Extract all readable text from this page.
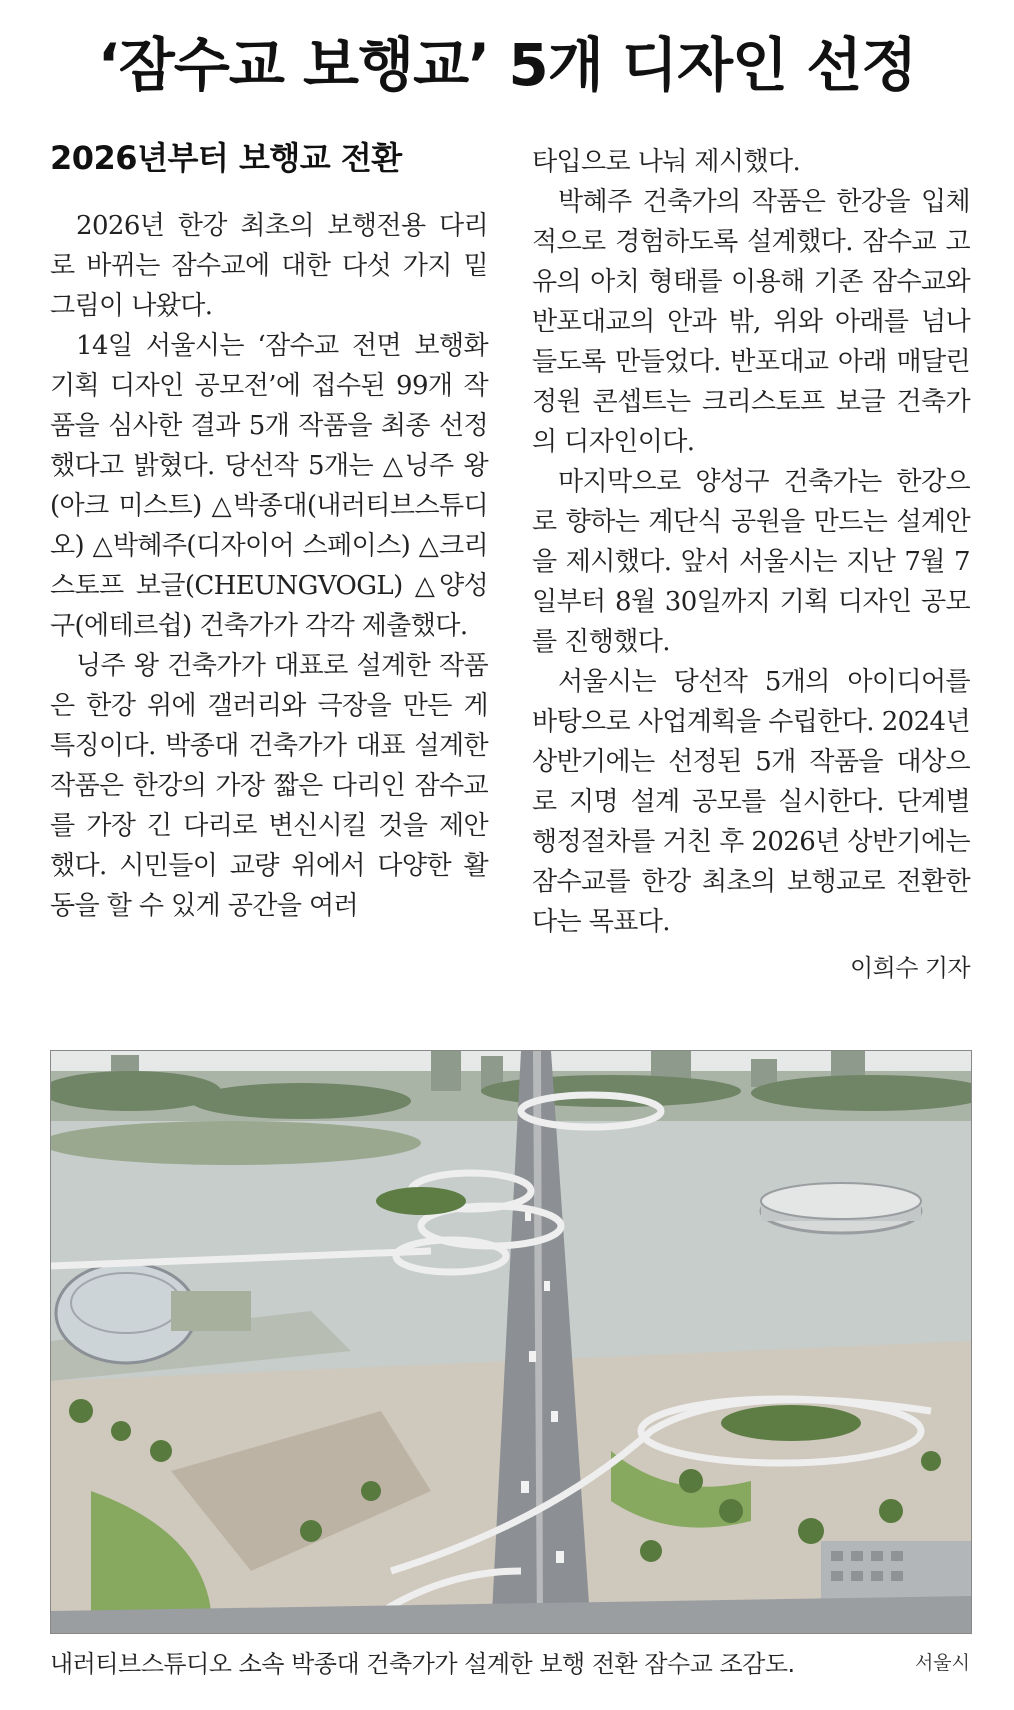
‘잠수교 보행교’ 5개 디자인 선정
2026년부터 보행교 전환

2026년 한강 최초의 보행전용 다리로 바뀌는 잠수교에 대한 다섯 가지 밑그림이 나왔다.

14일 서울시는 ‘잠수교 전면 보행화 기획 디자인 공모전’에 접수된 99개 작품을 심사한 결과 5개 작품을 최종 선정했다고 밝혔다. 당선작 5개는 △닝주 왕(아크 미스트) △박종대(내러티브스튜디오) △박혜주(디자이어 스페이스) △크리스토프 보글(CHEUNGVOGL) △양성구(에테르쉽) 건축가가 각각 제출했다.

닝주 왕 건축가가 대표로 설계한 작품은 한강 위에 갤러리와 극장을 만든 게 특징이다. 박종대 건축가가 대표 설계한 작품은 한강의 가장 짧은 다리인 잠수교를 가장 긴 다리로 변신시킬 것을 제안했다. 시민들이 교량 위에서 다양한 활동을 할 수 있게 공간을 여러

타입으로 나눠 제시했다.

박혜주 건축가의 작품은 한강을 입체적으로 경험하도록 설계했다. 잠수교 고유의 아치 형태를 이용해 기존 잠수교와 반포대교의 안과 밖, 위와 아래를 넘나들도록 만들었다. 반포대교 아래 매달린 정원 콘셉트는 크리스토프 보글 건축가의 디자인이다.

마지막으로 양성구 건축가는 한강으로 향하는 계단식 공원을 만드는 설계안을 제시했다. 앞서 서울시는 지난 7월 7일부터 8월 30일까지 기획 디자인 공모를 진행했다.

서울시는 당선작 5개의 아이디어를 바탕으로 사업계획을 수립한다. 2024년 상반기에는 선정된 5개 작품을 대상으로 지명 설계 공모를 실시한다. 단계별 행정절차를 거친 후 2026년 상반기에는 잠수교를 한강 최초의 보행교로 전환한다는 목표다.

이희수 기자
내러티브스튜디오 소속 박종대 건축가가 설계한 보행 전환 잠수교 조감도.	서울시
